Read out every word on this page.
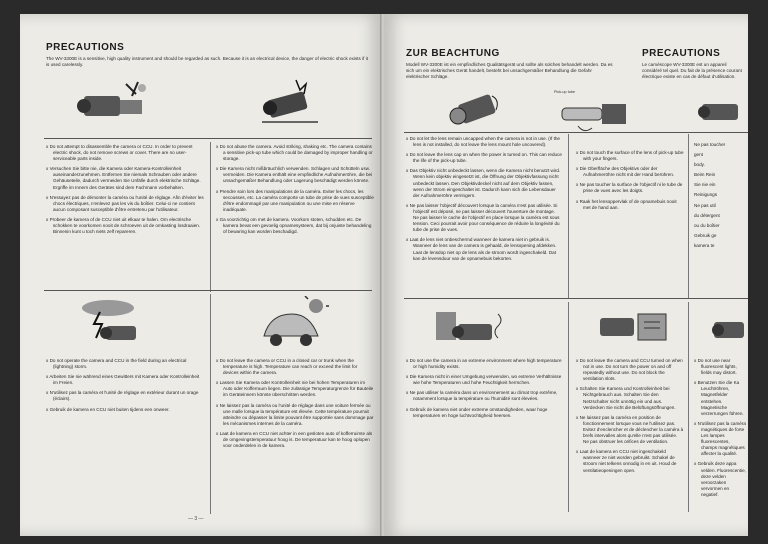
PRECAUTIONS
The WV-3300E is a sensitive, high quality instrument and should be regarded as such. Because it is an electrical device, the danger of electric shock exists if it is used carelessly.

x Do not attempt to disassemble the camera or CCU. In order to prevent electric shock, do not remove screws or cover. There are no user-serviceable parts inside.

x Versuchen Sie bitte nie, die Kamera oder Kamera-Kontrolleinheit auseinanderzunehmen. Entfernen Sie niemals Schrauben oder andere Gehäuseteile, dadurch vermeiden Sie Unfälle durch elektrische Schläge. Ergriffe im Innern des Gerätes sind dem Fachmann vorbehalten.

x N'essayez pas de démonter la caméra ou l'unité de réglage. Afin d'éviter les chocs électriques, n'enlevez pas les vis du boîtier. Celui-ci ne contient aucun composant susceptible d'être entretenu par l'utilisateur.

x Probeer de kamera of de CCU niet uit elkaar te halen. Om electrische schokken te voorkomen nooit de schroeven uit de omkasting losdraaien. Binnenin kunt u toch niets zelf repareren.

x Do not abuse the camera. Avoid striking, shaking etc. The camera contains a sensitive pick-up tube which could be damaged by improper handling or storage.

x Die Kamera nicht mißbräuchlich verwenden. Schlagen und Schütteln usw. vermeiden. Die Kamera enthält eine empfindliche Aufnahmeröhre, die bei unsachgemäßer Behandlung oder Lagerung beschädigt werden könnte.

x Prendre soin lors des manipulations de la caméra. Eviter les chocs, les secousses, etc. La caméra comporte un tube de prise de vues susceptible d'être endommagé par une manipulation ou une mise en réserve inadéquate.

x Ga voorzichtig om met de kamera. Voorkom stoten, schudden etc. De kamera bevat een gevoelig opnamesysteem, dat bij onjuiste behandeling of bewaring kan worden beschadigd.

x Do not operate the camera and CCU in the field during an electrical (lightning) storm.

x Arbeiten Sie nie während eines Gewitters mit Kamera oder Kontrolleinheit im Freien.

x N'utilisez pas la caméra et l'unité de réglage en extérieur durant un orage (éclairs).

x Gebruik de kamera en CCU niet buiten tijdens een onweer.

x Do not leave the camera or CCU in a closed car or trunk when the temperature is high. Temperature can reach or exceed the limit for devices within the camera.

x Lassen Sie Kamera oder Kontrolleinheit nie bei hohen Temperaturen im Auto oder Kofferraum liegen. Die zulässige Temperaturgrenze für Bauteile im Geräteinnern könnte überschritten werden.

x Ne laissez pas la caméra ou l'unité de réglage dans une voiture fermée ou une malle lorsque la température est élevée. Cette température pourrait atteindre ou dépasser la limite pouvant être supportée sans dommage par les mécanismes internes de la caméra.

x Laat de kamera en CCU niet achter in een gesloten auto of kofferruimte als de omgevingstemperatuur hoog is. De temperatuur kan te hoog oplopen voor onderdelen in de kamera.

— 3 —
ZUR BEACHTUNG	PRECAUTIONS
Modell WV-3300E ist ein empfindliches Qualitätsgerät und sollte als solches behandelt werden. Da es sich um ein elektrisches Gerät handelt, besteht bei unsachgemäßer Behandlung die Gefahr elektrischer Schläge.
Le caméscope WV-3300E est un appareil considéré tel quel. Du fait de la présence courant électrique existe en cas de défaut d'utilisation.
Pick-up tube

x Do not let the lens remain uncapped when the camera is not in use. (If the lens is not installed, do not leave the lens mount hole uncovered).

x Do not leave the lens cap on when the power is turned on. This can reduce the life of the pick-up tube.

x Das Objektiv nicht unbedeckt lassen, wenn die Kamera nicht benutzt wird. Wenn kein objektiv eingesetzt ist, die Öffnung der Objektivfassung nicht unbedeckt lassen. Den Objektivdeckel nicht auf dem Objektiv lassen, wenn der Strom eingeschaltet ist. Dadurch kann sich die Lebensdauer der Aufnahmeröhre verringern.

x Ne pas laisser l'objectif découvert lorsque la caméra n'est pas utilisée. Si l'objectif est déposé, ne pas laisser découvert l'ouverture de montage. Ne pas laisser le cache de l'objectif en place lorsque la caméra est sous tension. Ceci pourrait avoir pour conséquence de réduire la longévité du tube de prise de vues.

x Laat de lens niet onbeschermd wanneer de kamera niet in gebruik is. Wanneer de lens van de camera is gehaald, de lensopening afdekken. Laat de lensdop niet op de lens als de stroom wordt ingeschakeld. Dat kan de levensduur van de opnamebuis bekorten.

x Do not touch the surface of the lens of pick-up tube with your fingers.

x Die Oberfläche des Objektivs oder der Aufnahmeröhre nicht mit der Hand berühren.

x Ne pas toucher la surface de l'objectif ni le tube de prise de vues avec les doigts.

x Raak het lensoppervlak of de opnamebuis nooit met de hand aan.

Ne pas toucher

gent

body.

Beim Rein

Sie nie ein

Reinigungs

Ne pas util

du détergent

ou du boîtier

Gebruik ge

kamera te

x Do not use the camera in an extreme environment where high temperature or high humidity exists.

x Die Kamera nicht in einer Umgebung verwenden, wo extreme Verhältnisse wie hohe Temperaturen und hohe Feuchtigkeit herrschen.

x Ne pas utiliser la caméra dans un environnement au climat trop extrême, notamment lorsque la température ou l'humidité sont élevées.

x Gebruik de kamera niet onder extreme omstandigheden, waar hoge temperaturen en hoge luchtvochtigheid heersen.

x Do not leave the camera and CCU turned on when not in use. Do not turn the power on and off repeatedly without use. Do not block the ventilation slots.

x Schalten Sie Kamera und Kontrolleinheit bei Nichtgebrauch aus. Schalten Sie den Netzschalter nicht unnötig ein und aus. Verdecken Sie nicht die Belüftungsöffnungen.

x Ne laissez pas la caméra en position de fonctionnement lorsque vous ne l'utilisez pas. Evitez d'enclencher et de déclencher la caméra à brefs intervalles alors qu'elle n'est pas utilisée. Ne pas obstruer les orifices de ventilation.

x Laat de kamera en CCU niet ingeschakeld wanneer ze niet worden gebruikt. Schakel de stroom niet telkens onnodig in en uit. Houd de ventilatieopeningen open.

x Do not use near fluorescent lights, fields may distort.

x Benutzen Sie die Ka Leuchtröhren, Magnetfelder entstehen. Magnetische verzerrungen führen.

x N'utilisez pas la caméra magnétiques de forte Les lampes fluorescentes, champs magnétiques affecter la qualité.

x Gebruik deze appa velden. Fluorescentie, deze velden veroorzaken vervormen en negatief.
